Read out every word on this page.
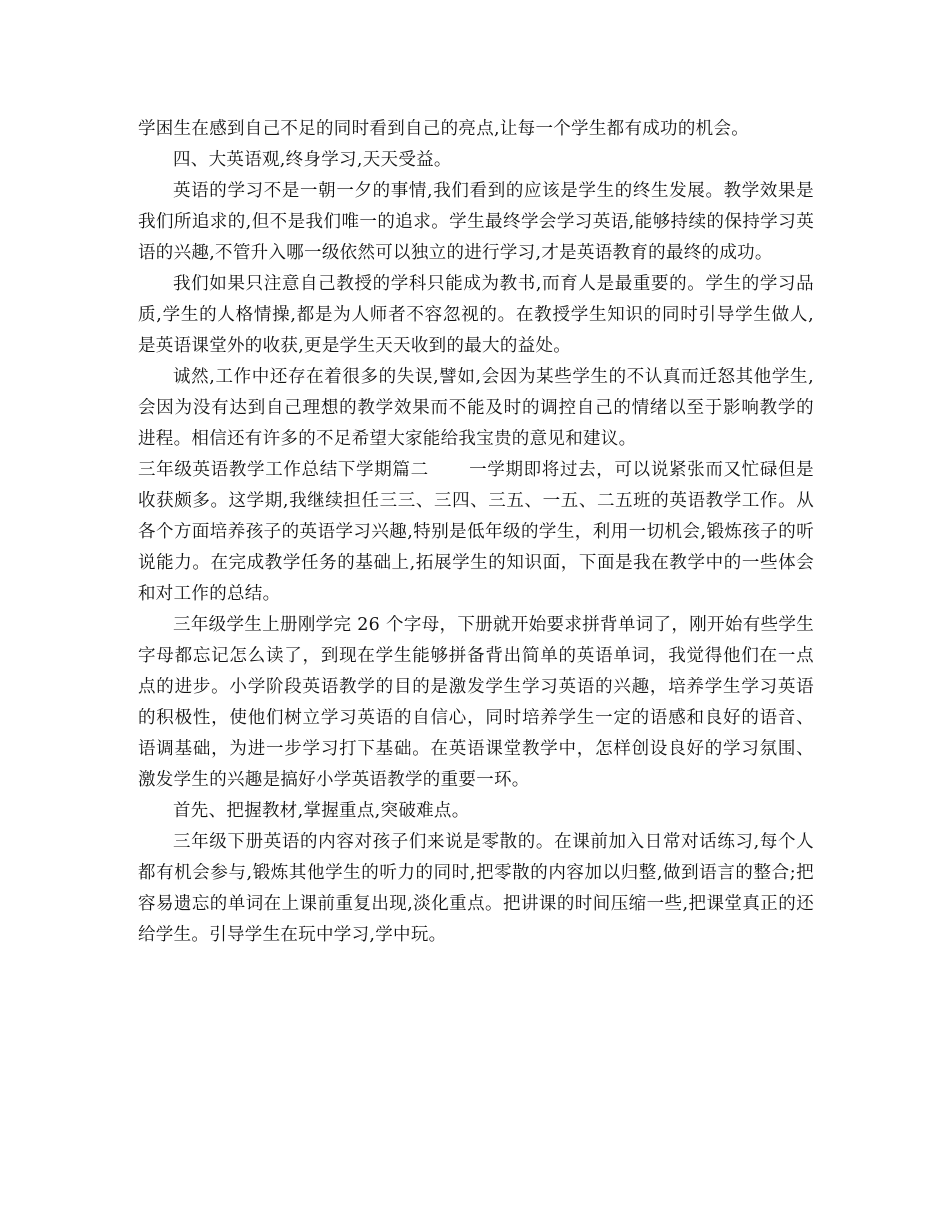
学困生在感到自己不足的同时看到自己的亮点,让每一个学生都有成功的机会。

四、大英语观,终身学习,天天受益。

英语的学习不是一朝一夕的事情,我们看到的应该是学生的终生发展。教学效果是我们所追求的,但不是我们唯一的追求。学生最终学会学习英语,能够持续的保持学习英语的兴趣,不管升入哪一级依然可以独立的进行学习,才是英语教育的最终的成功。

我们如果只注意自己教授的学科只能成为教书,而育人是最重要的。学生的学习品质,学生的人格情操,都是为人师者不容忽视的。在教授学生知识的同时引导学生做人,是英语课堂外的收获,更是学生天天收到的最大的益处。

诚然,工作中还存在着很多的失误,譬如,会因为某些学生的不认真而迁怒其他学生,会因为没有达到自己理想的教学效果而不能及时的调控自己的情绪以至于影响教学的进程。相信还有许多的不足希望大家能给我宝贵的意见和建议。

三年级英语教学工作总结下学期篇二 一学期即将过去，可以说紧张而又忙碌但是收获颇多。这学期,我继续担任三三、三四、三五、一五、二五班的英语教学工作。从各个方面培养孩子的英语学习兴趣,特别是低年级的学生，利用一切机会,锻炼孩子的听说能力。在完成教学任务的基础上,拓展学生的知识面，下面是我在教学中的一些体会和对工作的总结。

三年级学生上册刚学完 26 个字母，下册就开始要求拼背单词了，刚开始有些学生字母都忘记怎么读了，到现在学生能够拼备背出简单的英语单词，我觉得他们在一点点的进步。小学阶段英语教学的目的是激发学生学习英语的兴趣，培养学生学习英语的积极性，使他们树立学习英语的自信心，同时培养学生一定的语感和良好的语音、语调基础，为进一步学习打下基础。在英语课堂教学中，怎样创设良好的学习氛围、激发学生的兴趣是搞好小学英语教学的重要一环。

首先、把握教材,掌握重点,突破难点。

三年级下册英语的内容对孩子们来说是零散的。在课前加入日常对话练习,每个人都有机会参与,锻炼其他学生的听力的同时,把零散的内容加以归整,做到语言的整合;把容易遗忘的单词在上课前重复出现,淡化重点。把讲课的时间压缩一些,把课堂真正的还给学生。引导学生在玩中学习,学中玩。
